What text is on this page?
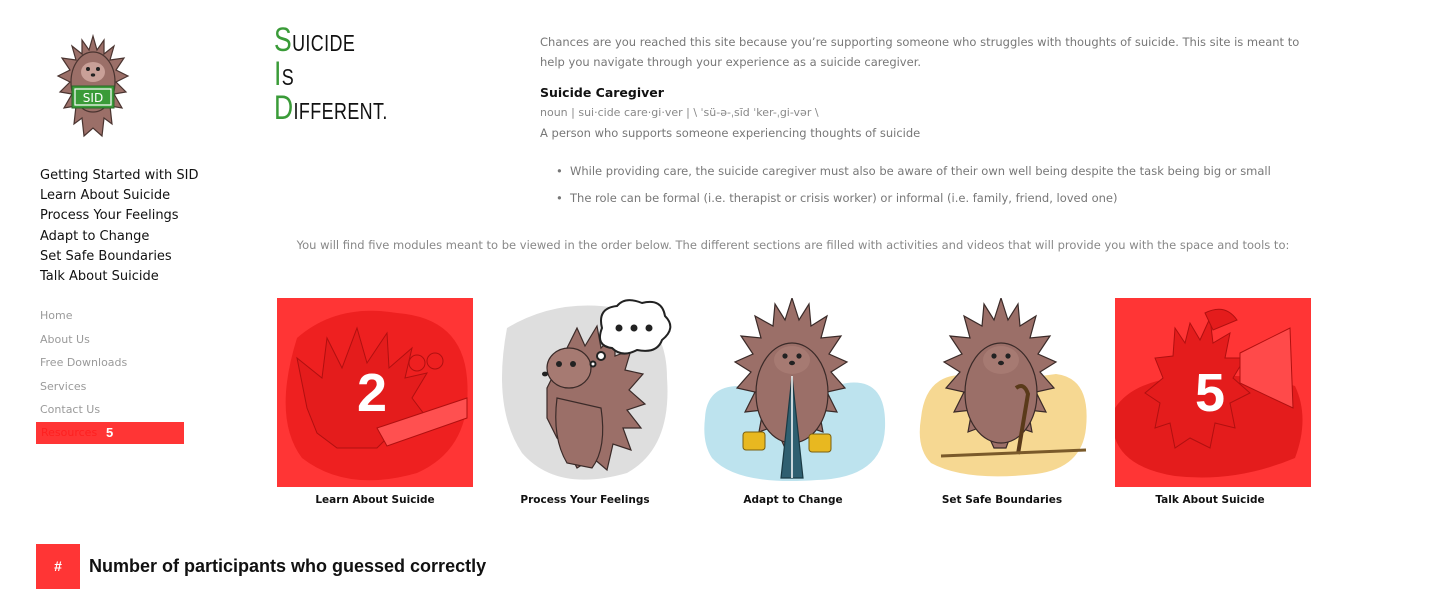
SID
Getting Started with SID
Learn About Suicide
Process Your Feelings
Adapt to Change
Set Safe Boundaries
Talk About Suicide
Home
About Us
Free Downloads
Services
Contact Us
Resources 5
SUICIDE
IS
DIFFERENT.
Chances are you reached this site because you’re supporting someone who struggles with thoughts of suicide. This site is meant to help you navigate through your experience as a suicide caregiver.
Suicide Caregiver
noun | sui·cide care·gi·ver | \ ˈsü-ə-ˌsīd ˈker-ˌgi-vər \
A person who supports someone experiencing thoughts of suicide
• While providing care, the suicide caregiver must also be aware of their own well being despite the task being big or small
• The role can be formal (i.e. therapist or crisis worker) or informal (i.e. family, friend, loved one)
You will find five modules meant to be viewed in the order below. The different sections are filled with activities and videos that will provide you with the space and tools to:
2
Learn About Suicide	Process Your Feelings	Adapt to Change	Set Safe Boundaries
5
Talk About Suicide
#	Number of participants who guessed correctly
